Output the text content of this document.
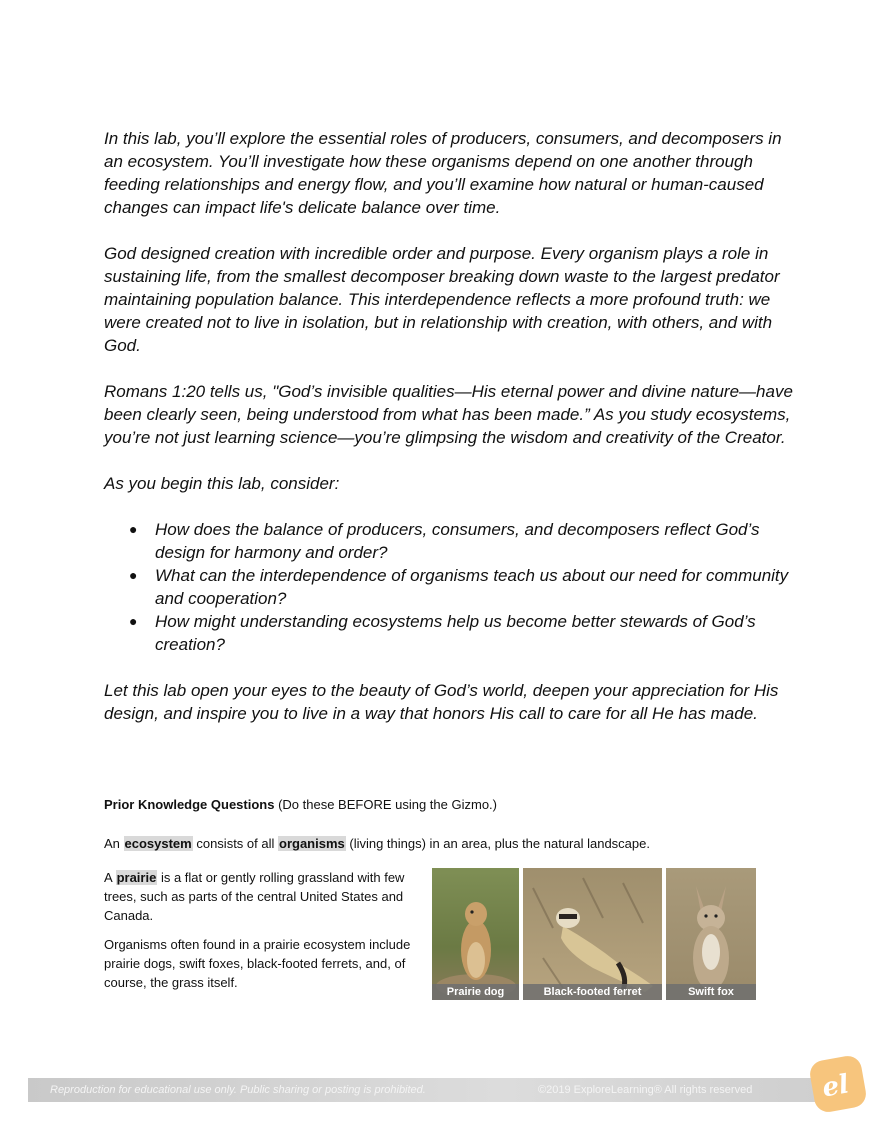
In this lab, you’ll explore the essential roles of producers, consumers, and decomposers in an ecosystem. You’ll investigate how these organisms depend on one another through feeding relationships and energy flow, and you’ll examine how natural or human-caused changes can impact life's delicate balance over time.

God designed creation with incredible order and purpose. Every organism plays a role in sustaining life, from the smallest decomposer breaking down waste to the largest predator maintaining population balance. This interdependence reflects a more profound truth: we were created not to live in isolation, but in relationship with creation, with others, and with God.

Romans 1:20 tells us, "God’s invisible qualities—His eternal power and divine nature—have been clearly seen, being understood from what has been made.” As you study ecosystems, you’re not just learning science—you’re glimpsing the wisdom and creativity of the Creator.

As you begin this lab, consider:

● How does the balance of producers, consumers, and decomposers reflect God’s design for harmony and order?
● What can the interdependence of organisms teach us about our need for community and cooperation?
● How might understanding ecosystems help us become better stewards of God’s creation?

Let this lab open your eyes to the beauty of God’s world, deepen your appreciation for His design, and inspire you to live in a way that honors His call to care for all He has made.

Prior Knowledge Questions (Do these BEFORE using the Gizmo.)
An ecosystem consists of all organisms (living things) in an area, plus the natural landscape.

A prairie is a flat or gently rolling grassland with few trees, such as parts of the central United States and Canada.

Organisms often found in a prairie ecosystem include prairie dogs, swift foxes, black-footed ferrets, and, of course, the grass itself.

Prairie dog	Black-footed ferret	Swift fox
Reproduction for educational use only. Public sharing or posting is prohibited.	©2019 ExploreLearning® All rights reserved	el
